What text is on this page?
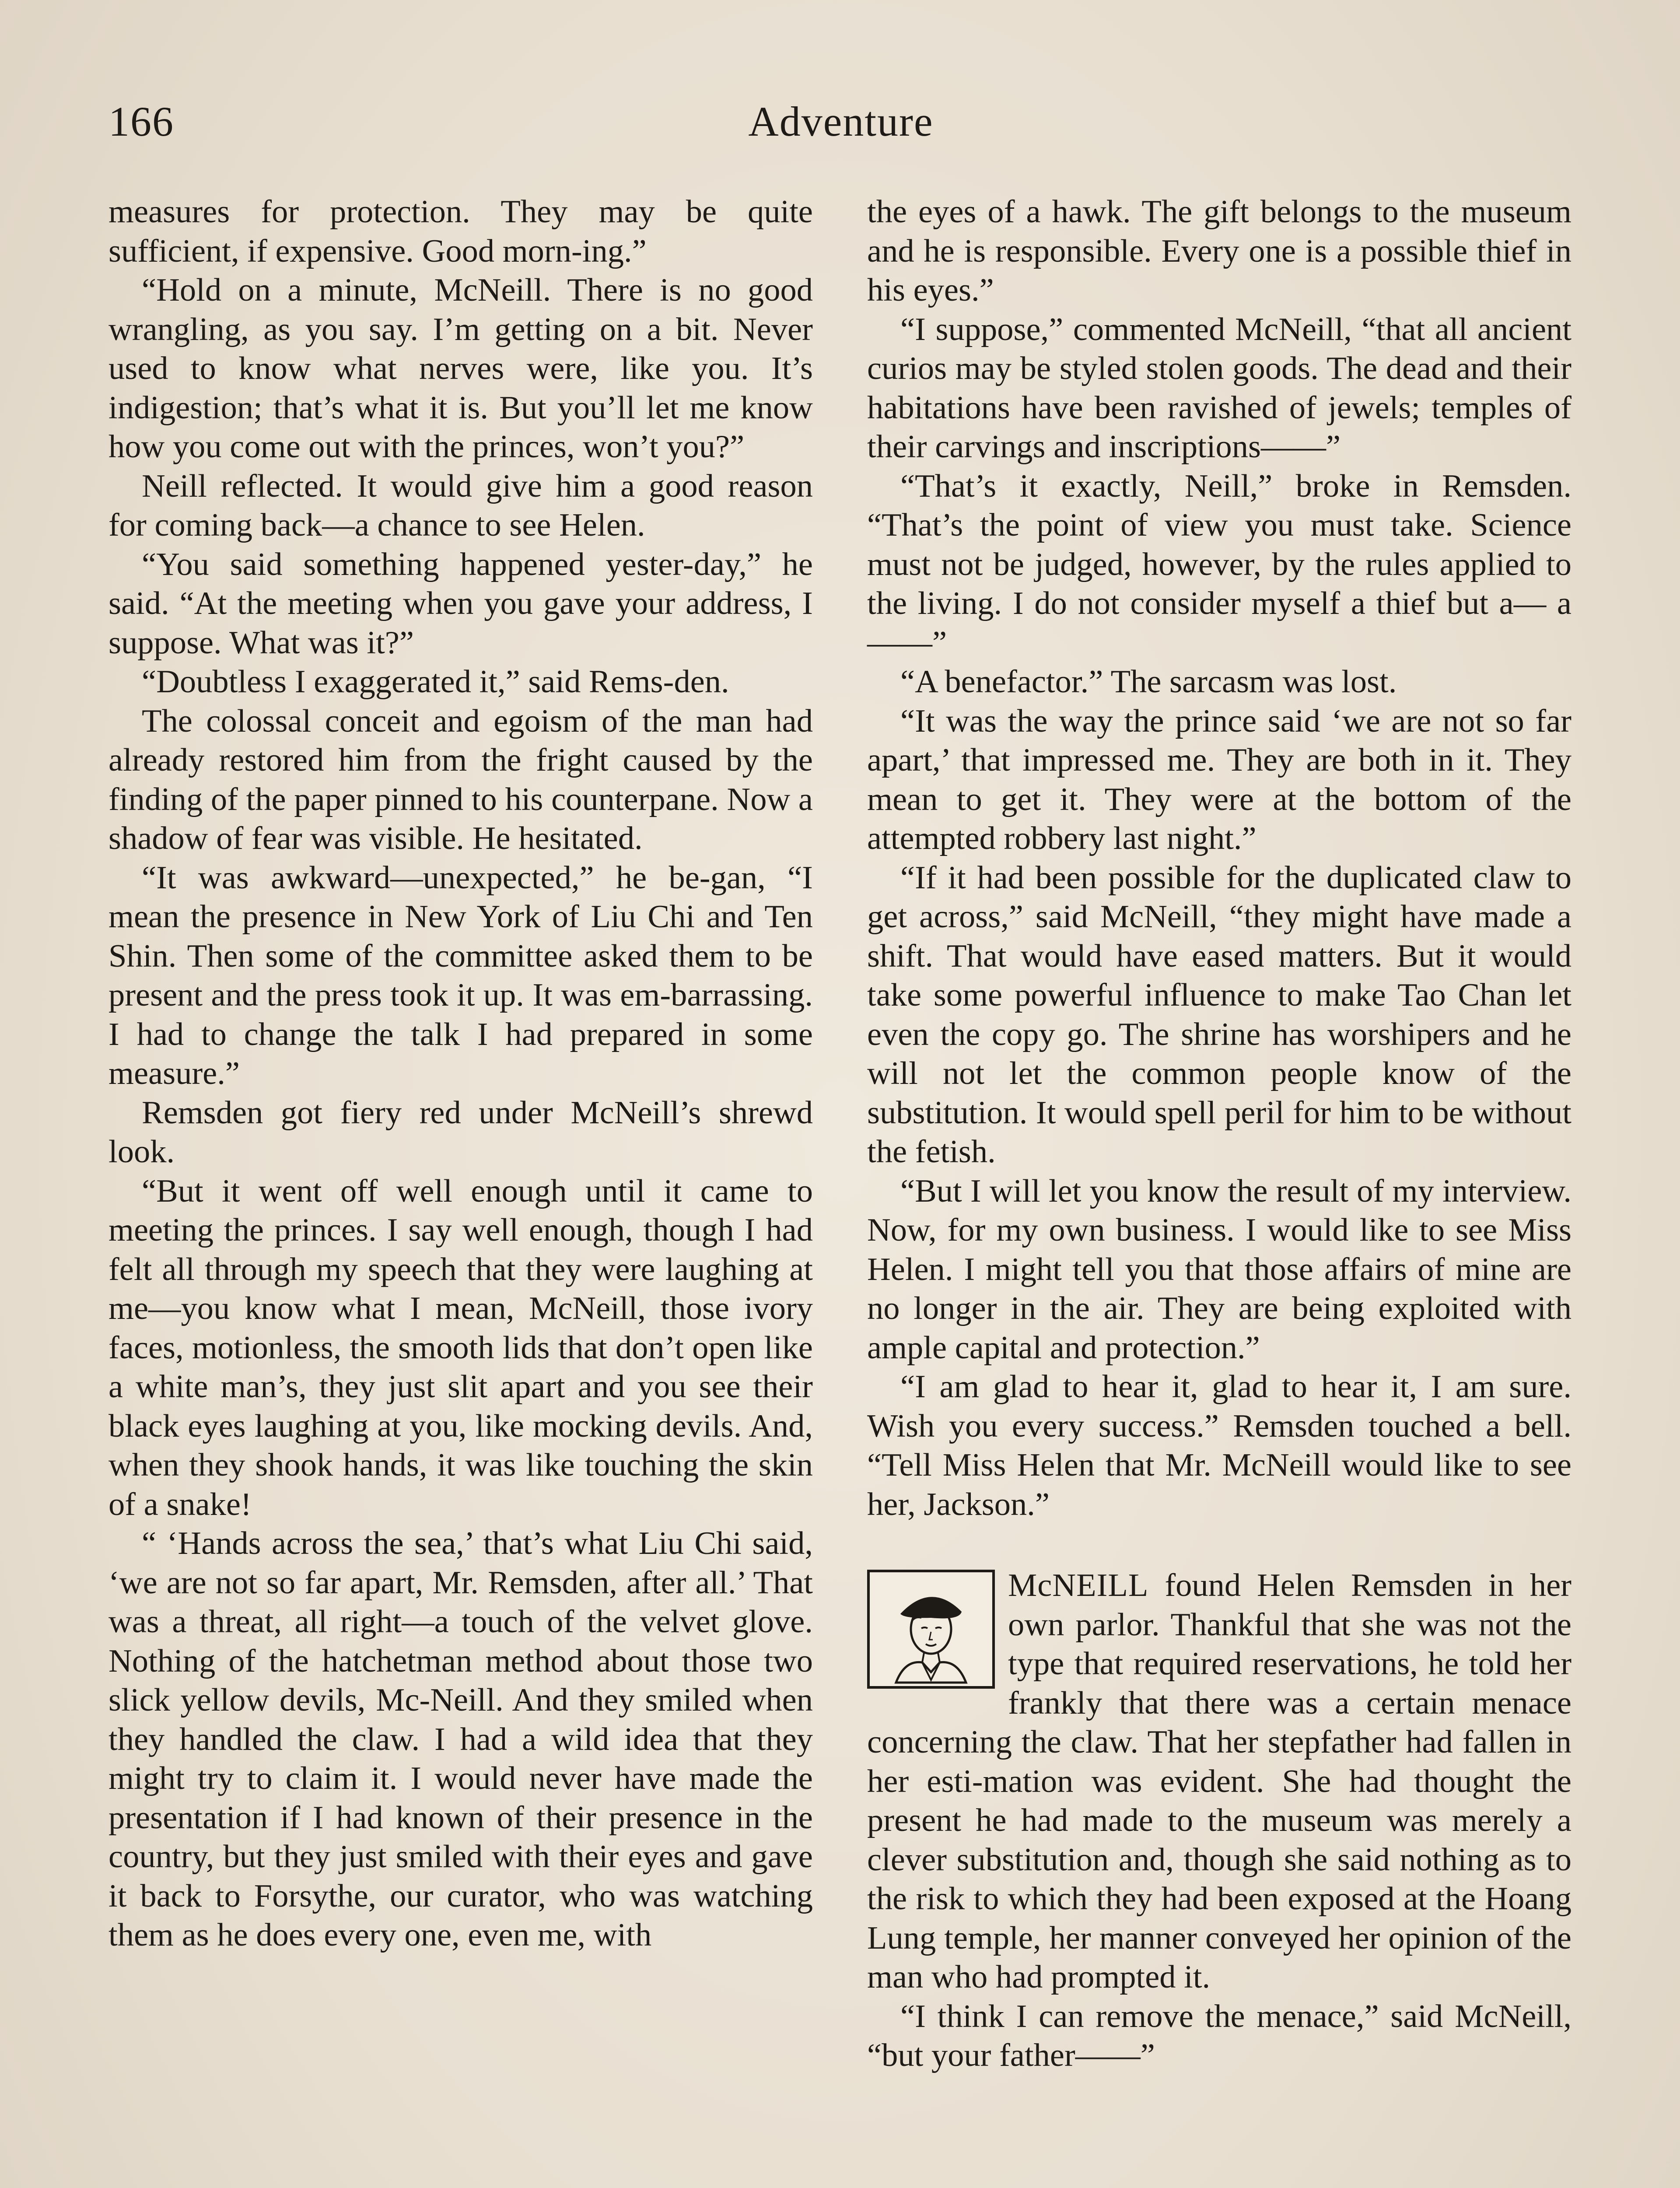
166	Adventure

measures for protection. They may be quite sufficient, if expensive. Good morn-ing.”

“Hold on a minute, McNeill. There is no good wrangling, as you say. I’m getting on a bit. Never used to know what nerves were, like you. It’s indigestion; that’s what it is. But you’ll let me know how you come out with the princes, won’t you?”

Neill reflected. It would give him a good reason for coming back—a chance to see Helen.

“You said something happened yester-day,” he said. “At the meeting when you gave your address, I suppose. What was it?”

“Doubtless I exaggerated it,” said Rems-den.

The colossal conceit and egoism of the man had already restored him from the fright caused by the finding of the paper pinned to his counterpane. Now a shadow of fear was visible. He hesitated.

“It was awkward—unexpected,” he be-gan, “I mean the presence in New York of Liu Chi and Ten Shin. Then some of the committee asked them to be present and the press took it up. It was em-barrassing. I had to change the talk I had prepared in some measure.”

Remsden got fiery red under McNeill’s shrewd look.

“But it went off well enough until it came to meeting the princes. I say well enough, though I had felt all through my speech that they were laughing at me—you know what I mean, McNeill, those ivory faces, motionless, the smooth lids that don’t open like a white man’s, they just slit apart and you see their black eyes laughing at you, like mocking devils. And, when they shook hands, it was like touching the skin of a snake!

“ ‘Hands across the sea,’ that’s what Liu Chi said, ‘we are not so far apart, Mr. Remsden, after all.’ That was a threat, all right—a touch of the velvet glove. Nothing of the hatchetman method about those two slick yellow devils, Mc-Neill. And they smiled when they handled the claw. I had a wild idea that they might try to claim it. I would never have made the presentation if I had known of their presence in the country, but they just smiled with their eyes and gave it back to Forsythe, our curator, who was watching them as he does every one, even me, with

the eyes of a hawk. The gift belongs to the museum and he is responsible. Every one is a possible thief in his eyes.”

“I suppose,” commented McNeill, “that all ancient curios may be styled stolen goods. The dead and their habitations have been ravished of jewels; temples of their carvings and inscriptions——”

“That’s it exactly, Neill,” broke in Remsden. “That’s the point of view you must take. Science must not be judged, however, by the rules applied to the living. I do not consider myself a thief but a— a——”

“A benefactor.” The sarcasm was lost.

“It was the way the prince said ‘we are not so far apart,’ that impressed me. They are both in it. They mean to get it. They were at the bottom of the attempted robbery last night.”

“If it had been possible for the duplicated claw to get across,” said McNeill, “they might have made a shift. That would have eased matters. But it would take some powerful influence to make Tao Chan let even the copy go. The shrine has worshipers and he will not let the common people know of the substitution. It would spell peril for him to be without the fetish.

“But I will let you know the result of my interview. Now, for my own business. I would like to see Miss Helen. I might tell you that those affairs of mine are no longer in the air. They are being exploited with ample capital and protection.”

“I am glad to hear it, glad to hear it, I am sure. Wish you every success.” Remsden touched a bell. “Tell Miss Helen that Mr. McNeill would like to see her, Jackson.”

McNEILL found Helen Remsden in her own parlor. Thankful that she was not the type that required reservations, he told her frankly that there was a certain menace concerning the claw. That her stepfather had fallen in her esti-mation was evident. She had thought the present he had made to the museum was merely a clever substitution and, though she said nothing as to the risk to which they had been exposed at the Hoang Lung temple, her manner conveyed her opinion of the man who had prompted it.

“I think I can remove the menace,” said McNeill, “but your father——”
